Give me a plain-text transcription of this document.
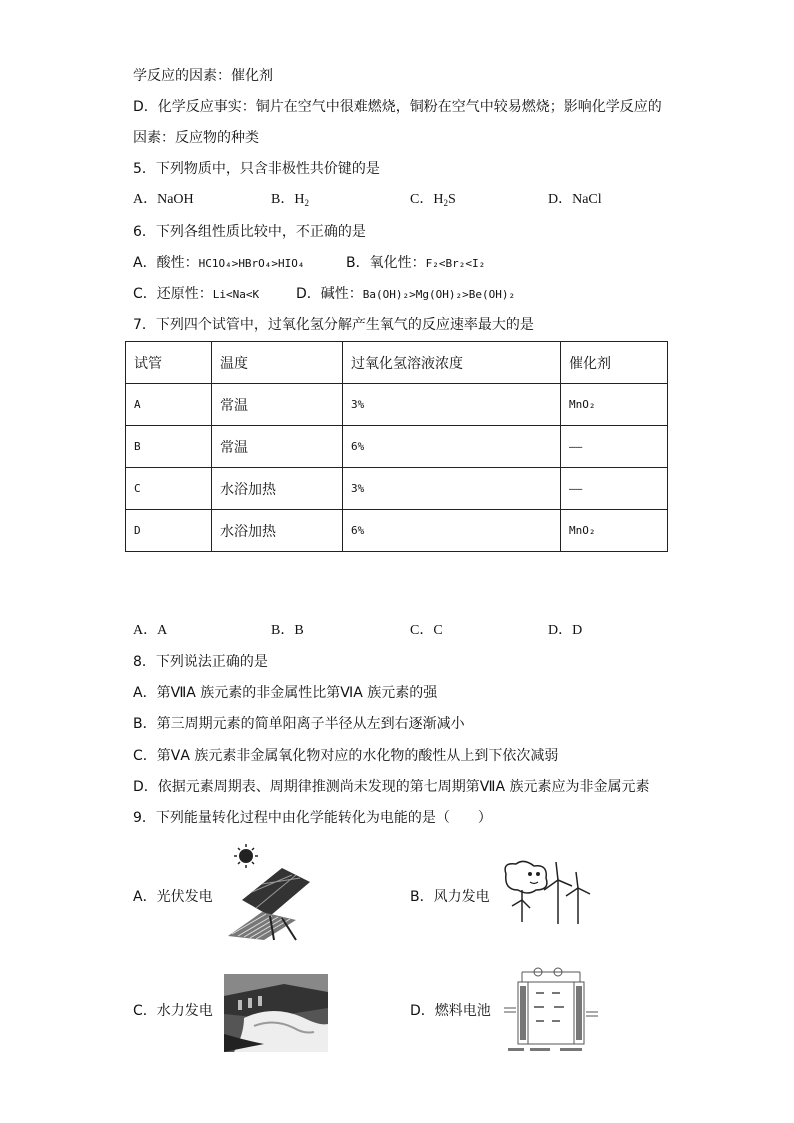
学反应的因素：催化剂
D．化学反应事实：铜片在空气中很难燃烧，铜粉在空气中较易燃烧；影响化学反应的
因素：反应物的种类
5．下列物质中，只含非极性共价键的是
A．NaOH	B．$H_2$	C．$H_2S$	D．NaCl
6．下列各组性质比较中，不正确的是
A．酸性：HC1O₄>HBrO₄>HIO₄	B．氧化性：F₂<Br₂<I₂
C．还原性：Li<Na<K	D．碱性：Ba(OH)₂>Mg(OH)₂>Be(OH)₂
7．下列四个试管中，过氧化氢分解产生氧气的反应速率最大的是
试管	温度	过氧化氢溶液浓度	催化剂
A	常温	3%	MnO₂
B	常温	6%	——
C	水浴加热	3%	——
D	水浴加热	6%	MnO₂
A．A	B．B	C．C	D．D
8．下列说法正确的是
A．第ⅦA 族元素的非金属性比第ⅥA 族元素的强
B．第三周期元素的简单阳离子半径从左到右逐渐减小
C．第ⅤA 族元素非金属氧化物对应的水化物的酸性从上到下依次减弱
D．依据元素周期表、周期律推测尚未发现的第七周期第ⅦA 族元素应为非金属元素
9．下列能量转化过程中由化学能转化为电能的是（　　）
A．光伏发电	B．风力发电
C．水力发电	D．燃料电池
